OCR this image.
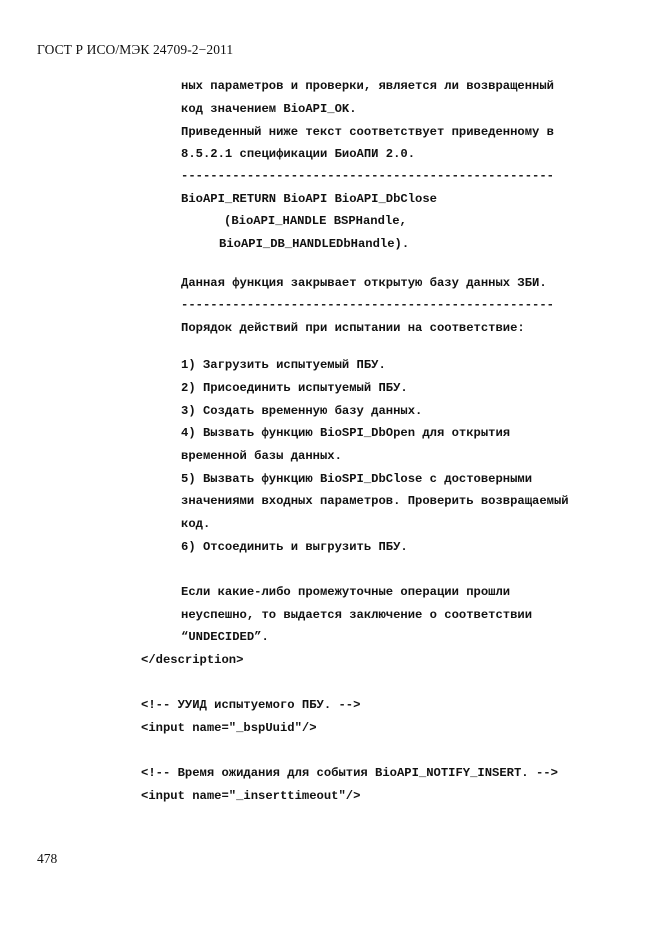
ГОСТ Р ИСО/МЭК 24709-2−2011
ных параметров и проверки, является ли возвращенный
код значением BioAPI_OK.
Приведенный ниже текст соответствует приведенному в
8.5.2.1 спецификации БиоАПИ 2.0.
---------------------------------------------------
BioAPI_RETURN BioAPI BioAPI_DbClose
(BioAPI_HANDLE BSPHandle,
BioAPI_DB_HANDLEDbHandle).
Данная функция закрывает открытую базу данных ЗБИ.
---------------------------------------------------
Порядок действий при испытании на соответствие:
1) Загрузить испытуемый ПБУ.
2) Присоединить испытуемый ПБУ.
3) Создать временную базу данных.
4) Вызвать функцию BioSPI_DbOpen для открытия
временной базы данных.
5) Вызвать функцию BioSPI_DbClose с достоверными
значениями входных параметров. Проверить возвращаемый
код.
6) Отсоединить и выгрузить ПБУ.
Если какие-либо промежуточные операции прошли
неуспешно, то выдается заключение о соответствии
“UNDECIDED”.
</description>
<!-- УУИД испытуемого ПБУ. -->
<input name="_bspUuid"/>
<!-- Время ожидания для события BioAPI_NOTIFY_INSERT. -->
<input name="_inserttimeout"/>
478
